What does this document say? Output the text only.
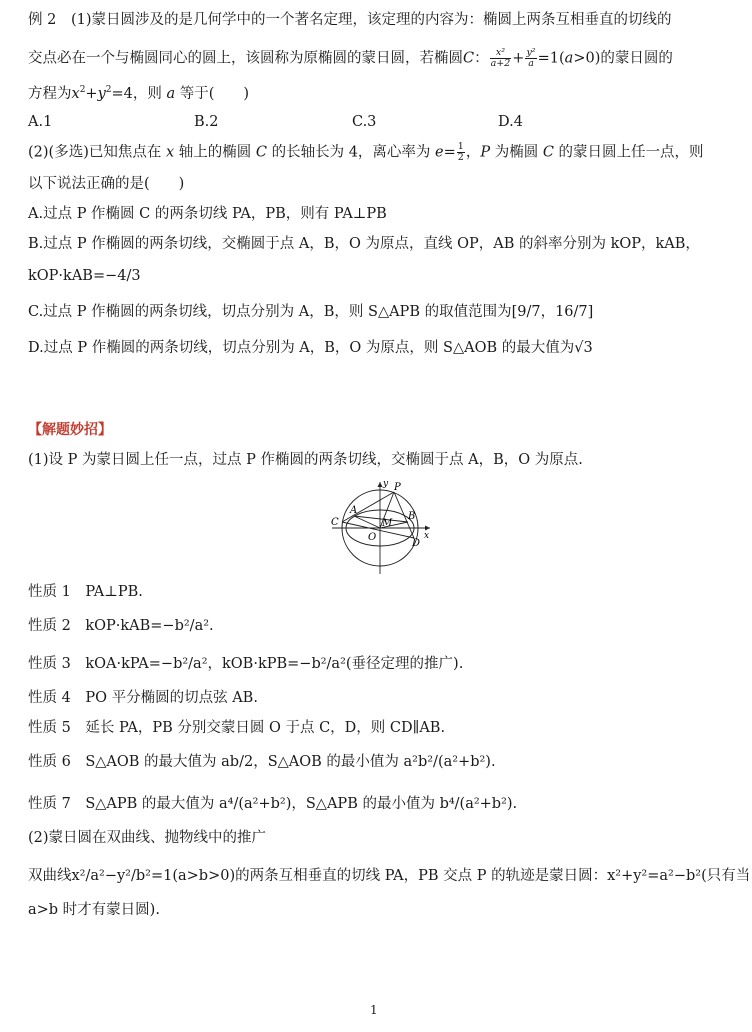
例 2 (1)蒙日圆涉及的是几何学中的一个著名定理，该定理的内容为：椭圆上两条互相垂直的切线的
交点必在一个与椭圆同心的圆上，该圆称为原椭圆的蒙日圆，若椭圆C： $\frac{\text{x²}}{a+2} + \frac{\text{y²}}{a} =1(a>0)$的蒙日圆的
方程为$x^2+y^2=4$，则 a 等于(　　)
A.1	B.2	C.3	D.4
(2)(多选)已知焦点在 x 轴上的椭圆 C 的长轴长为 4，离心率为 $e= \frac{1}{2}$ ，P 为椭圆 C 的蒙日圆上任一点，则
以下说法正确的是(　　)
A.过点 P 作椭圆 C 的两条切线 PA，PB，则有 PA⊥PB
B.过点 P 作椭圆的两条切线，交椭圆于点 A，B，O 为原点，直线 OP，AB 的斜率分别为 kOP，kAB，
kOP·kAB=−4/3
C.过点 P 作椭圆的两条切线，切点分别为 A，B，则 S△APB 的取值范围为[9/7，16/7]
D.过点 P 作椭圆的两条切线，切点分别为 A，B，O 为原点，则 S△AOB 的最大值为√3
【解题妙招】
(1)设 P 为蒙日圆上任一点，过点 P 作椭圆的两条切线，交椭圆于点 A，B，O 为原点.
y
x
P
A
B
C
D
M
O
性质 1　PA⊥PB.
性质 2　kOP·kAB=−b²/a².
性质 3　kOA·kPA=−b²/a²，kOB·kPB=−b²/a²(垂径定理的推广).
性质 4　PO 平分椭圆的切点弦 AB.
性质 5　延长 PA，PB 分别交蒙日圆 O 于点 C，D，则 CD∥AB.
性质 6　S△AOB 的最大值为 ab/2，S△AOB 的最小值为 a²b²/(a²+b²).
性质 7　S△APB 的最大值为 a⁴/(a²+b²)，S△APB 的最小值为 b⁴/(a²+b²).
(2)蒙日圆在双曲线、抛物线中的推广
双曲线x²/a²−y²/b²=1(a>b>0)的两条互相垂直的切线 PA，PB 交点 P 的轨迹是蒙日圆：x²+y²=a²−b²(只有当
a>b 时才有蒙日圆).
1
